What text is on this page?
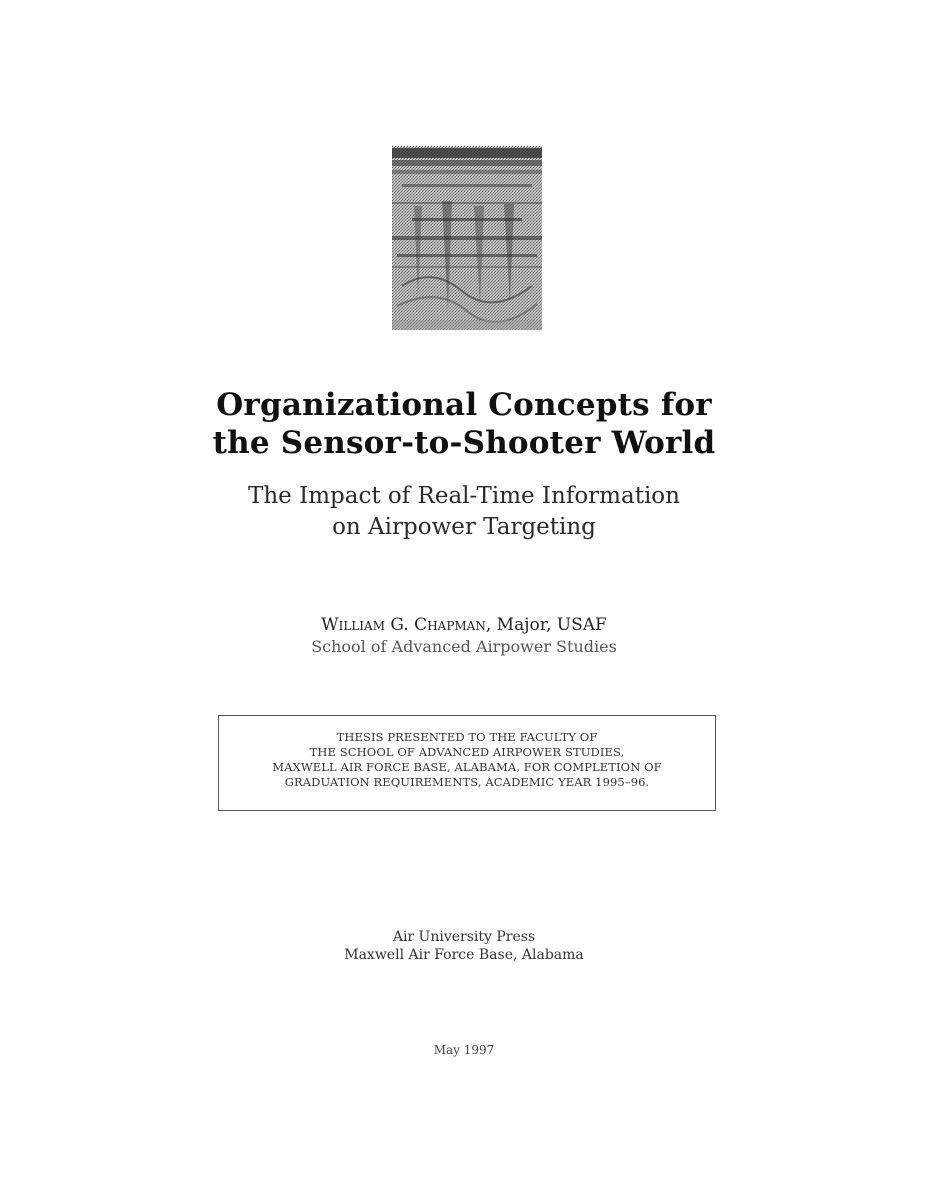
Organizational Concepts for
the Sensor-to-Shooter World
The Impact of Real-Time Information
on Airpower Targeting
William G. Chapman, Major, USAF
School of Advanced Airpower Studies
THESIS PRESENTED TO THE FACULTY OF
THE SCHOOL OF ADVANCED AIRPOWER STUDIES,
MAXWELL AIR FORCE BASE, ALABAMA, FOR COMPLETION OF
GRADUATION REQUIREMENTS, ACADEMIC YEAR 1995–96.
Air University Press
Maxwell Air Force Base, Alabama
May 1997
